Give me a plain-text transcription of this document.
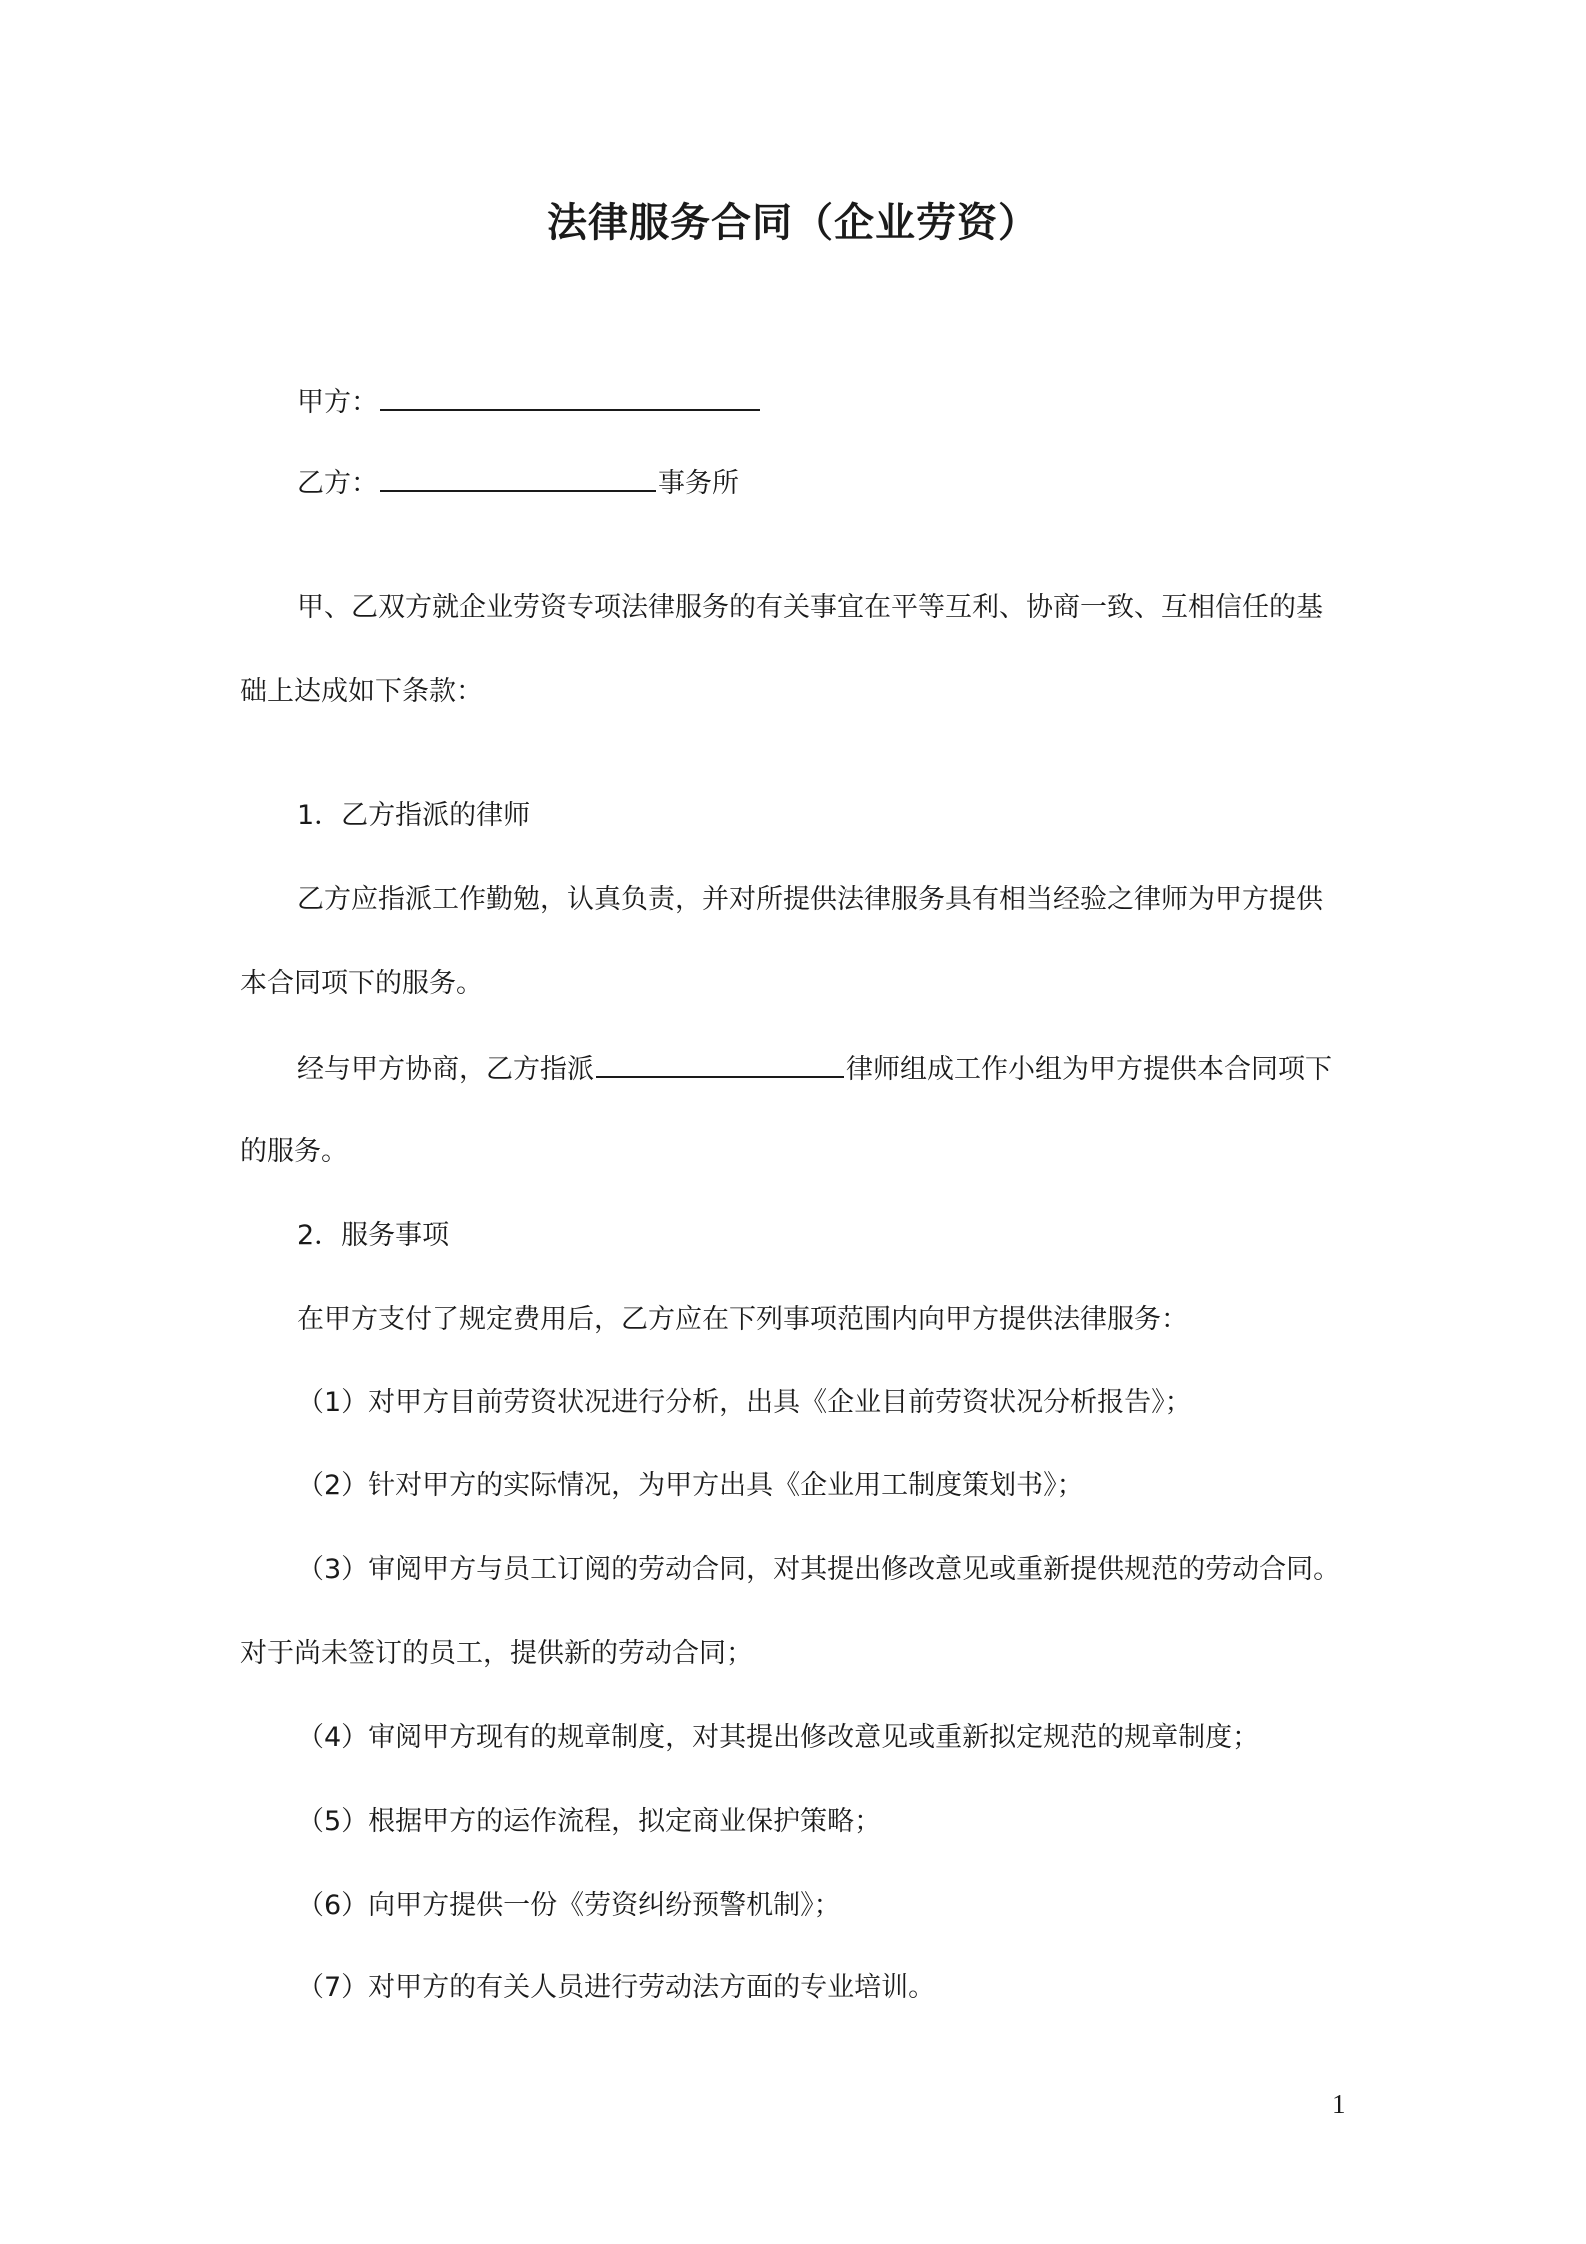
法律服务合同（企业劳资）
甲方：
乙方：	事务所
甲、乙双方就企业劳资专项法律服务的有关事宜在平等互利、协商一致、互相信任的基
础上达成如下条款：
1．乙方指派的律师
乙方应指派工作勤勉，认真负责，并对所提供法律服务具有相当经验之律师为甲方提供
本合同项下的服务。
经与甲方协商，乙方指派	律师组成工作小组为甲方提供本合同项下
的服务。
2．服务事项
在甲方支付了规定费用后，乙方应在下列事项范围内向甲方提供法律服务：
（1）对甲方目前劳资状况进行分析，出具《企业目前劳资状况分析报告》；
（2）针对甲方的实际情况，为甲方出具《企业用工制度策划书》；
（3）审阅甲方与员工订阅的劳动合同，对其提出修改意见或重新提供规范的劳动合同。
对于尚未签订的员工，提供新的劳动合同；
（4）审阅甲方现有的规章制度，对其提出修改意见或重新拟定规范的规章制度；
（5）根据甲方的运作流程，拟定商业保护策略；
（6）向甲方提供一份《劳资纠纷预警机制》；
（7）对甲方的有关人员进行劳动法方面的专业培训。
1
